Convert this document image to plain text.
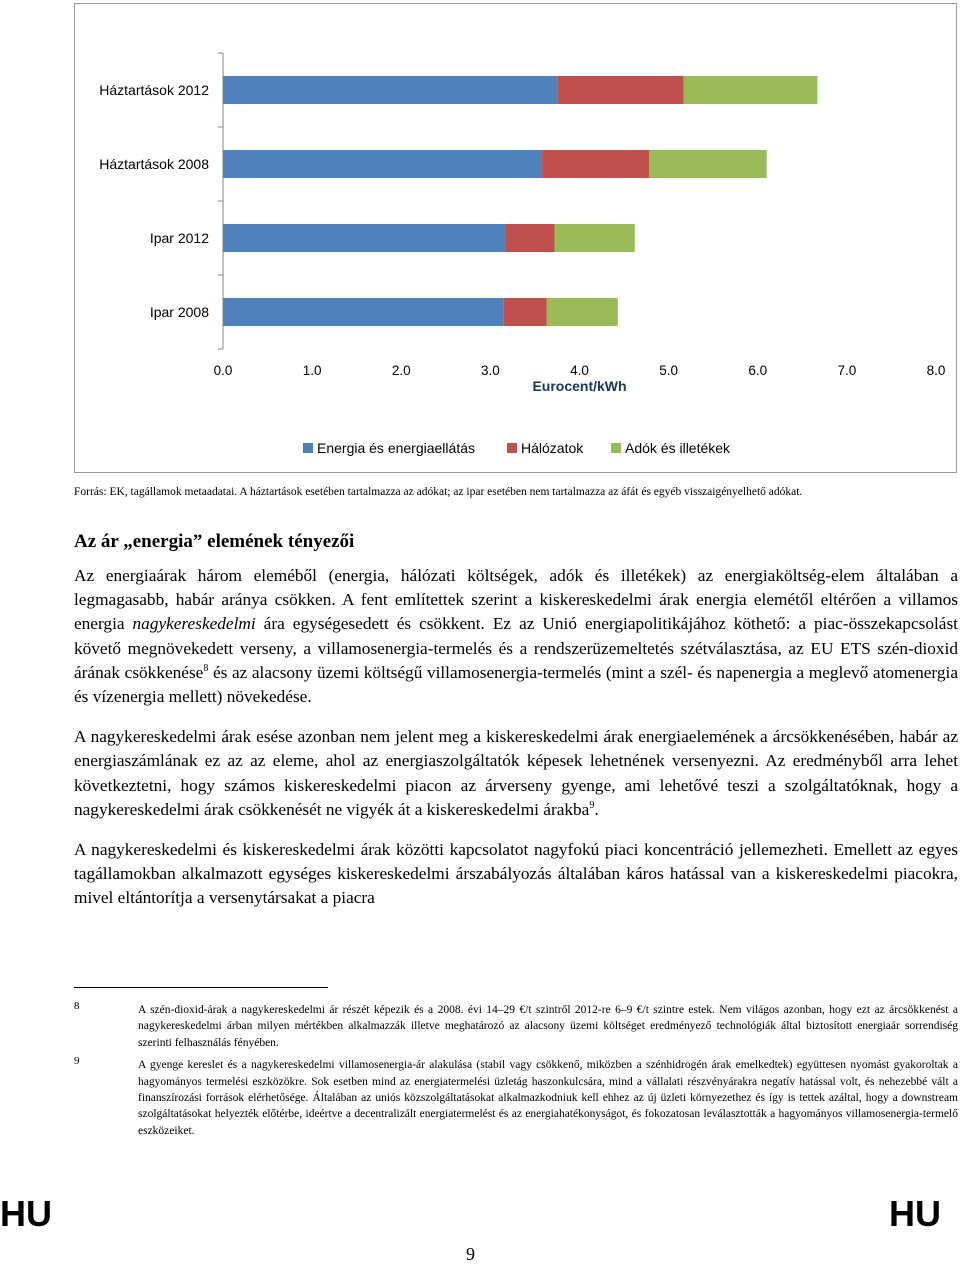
Háztartások 2012
Háztartások 2008
Ipar 2012
Ipar 2008
0.0	1.0	2.0	3.0	4.0	5.0	6.0	7.0	8.0
Eurocent/kWh
Energia és energiaellátás	Hálózatok	Adók és illetékek

Forrás: EK, tagállamok metaadatai. A háztartások esetében tartalmazza az adókat; az ipar esetében nem tartalmazza az áfát és egyéb visszaigényelhető adókat.

Az ár „energia” elemének tényezői

Az energiaárak három eleméből (energia, hálózati költségek, adók és illetékek) az energiaköltség-elem általában a legmagasabb, habár aránya csökken. A fent említettek szerint a kiskereskedelmi árak energia elemétől eltérően a villamos energia nagykereskedelmi ára egységesedett és csökkent. Ez az Unió energiapolitikájához köthető: a piac-összekapcsolást követő megnövekedett verseny, a villamosenergia-termelés és a rendszerüzemeltetés szétválasztása, az EU ETS szén-dioxid árának csökkenése$^8$ és az alacsony üzemi költségű villamosenergia-termelés (mint a szél- és napenergia a meglevő atomenergia és vízenergia mellett) növekedése.

A nagykereskedelmi árak esése azonban nem jelent meg a kiskereskedelmi árak energiaelemének a árcsökkenésében, habár az energiaszámlának ez az az eleme, ahol az energiaszolgáltatók képesek lehetnének versenyezni. Az eredményből arra lehet következtetni, hogy számos kiskereskedelmi piacon az árverseny gyenge, ami lehetővé teszi a szolgáltatóknak, hogy a nagykereskedelmi árak csökkenését ne vigyék át a kiskereskedelmi árakba$^9$.

A nagykereskedelmi és kiskereskedelmi árak közötti kapcsolatot nagyfokú piaci koncentráció jellemezheti. Emellett az egyes tagállamokban alkalmazott egységes kiskereskedelmi árszabályozás általában káros hatással van a kiskereskedelmi piacokra, mivel eltántorítja a versenytársakat a piacra

8	A szén-dioxid-árak a nagykereskedelmi ár részét képezik és a 2008. évi 14–29 €/t szintről 2012-re 6–9 €/t szintre estek. Nem világos azonban, hogy ezt az árcsökkenést a nagykereskedelmi árban milyen mértékben alkalmazzák illetve meghatározó az alacsony üzemi költséget eredményező technológiák által biztosított energiaár sorrendiség szerinti felhasználás fényében.
9	A gyenge kereslet és a nagykereskedelmi villamosenergia-ár alakulása (stabil vagy csökkenő, miközben a szénhidrogén árak emelkedtek) együttesen nyomást gyakoroltak a hagyományos termelési eszközökre. Sok esetben mind az energiatermelési üzletág haszonkulcsára, mind a vállalati részvényárakra negatív hatással volt, és nehezebbé vált a finanszírozási források elérhetősége. Általában az uniós közszolgáltatásokat alkalmazkodniuk kell ehhez az új üzleti környezethez és így is tettek azáltal, hogy a downstream szolgáltatásokat helyezték előtérbe, ideértve a decentralizált energiatermelést és az energiahatékonyságot, és fokozatosan leválasztották a hagyományos villamosenergia-termelő eszközeiket.
HU
9
HU
